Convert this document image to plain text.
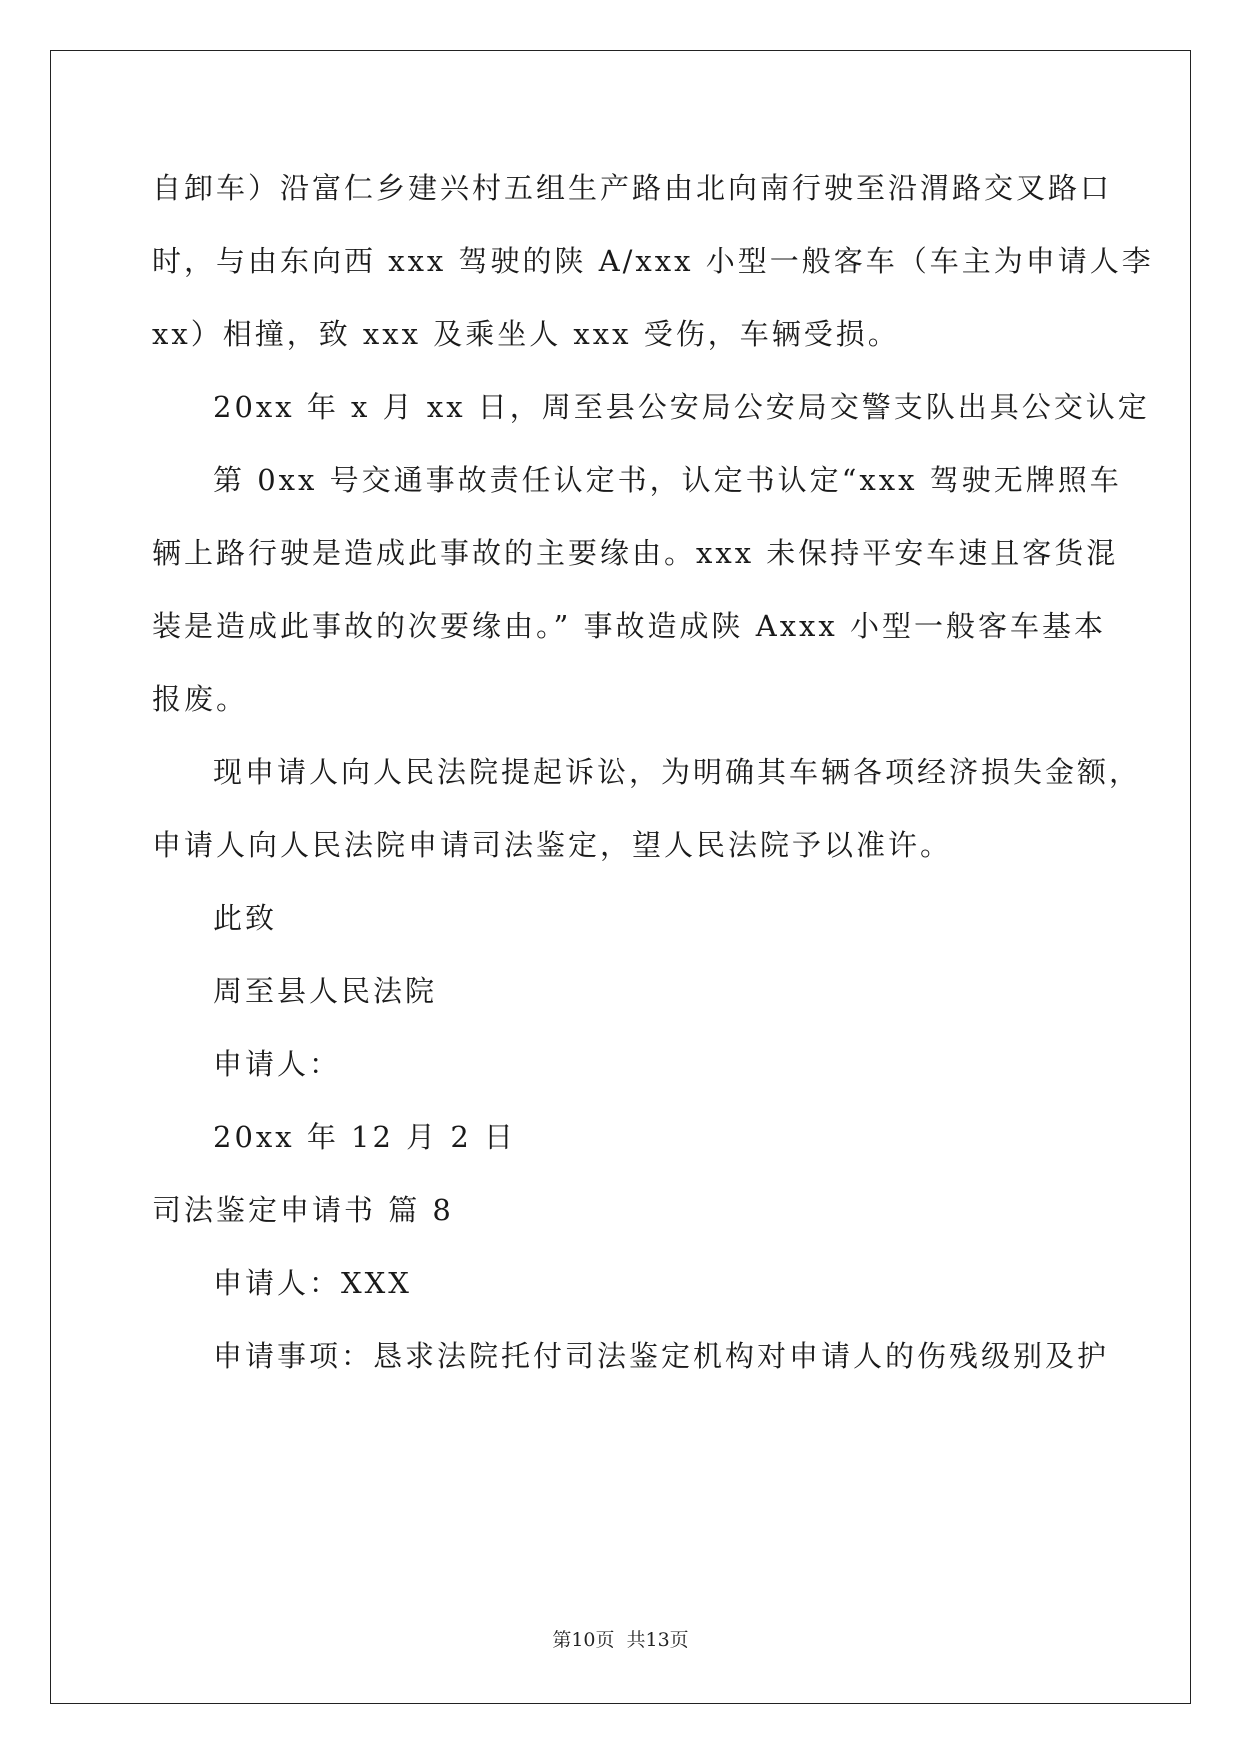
自卸车）沿富仁乡建兴村五组生产路由北向南行驶至沿渭路交叉路口
时，与由东向西 xxx 驾驶的陕 A/xxx 小型一般客车（车主为申请人李
xx）相撞，致 xxx 及乘坐人 xxx 受伤，车辆受损。
20xx 年 x 月 xx 日，周至县公安局公安局交警支队出具公交认定
第 0xx 号交通事故责任认定书，认定书认定“xxx 驾驶无牌照车
辆上路行驶是造成此事故的主要缘由。xxx 未保持平安车速且客货混
装是造成此事故的次要缘由。” 事故造成陕 Axxx 小型一般客车基本
报废。
现申请人向人民法院提起诉讼，为明确其车辆各项经济损失金额，
申请人向人民法院申请司法鉴定，望人民法院予以准许。
此致
周至县人民法院
申请人：
20xx 年 12 月 2 日
司法鉴定申请书 篇 8
申请人：XXX
申请事项：恳求法院托付司法鉴定机构对申请人的伤残级别及护
第10页 共13页
